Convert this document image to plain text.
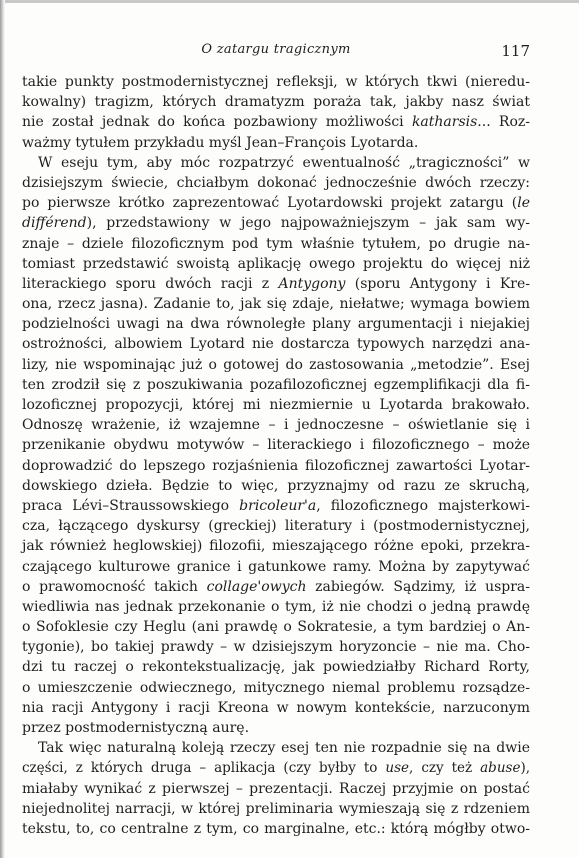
O zatargu tragicznym	117
takie punkty postmodernistycznej refleksji, w których tkwi (nieredu-
kowalny) tragizm, których dramatyzm poraża tak, jakby nasz świat
nie został jednak do końca pozbawiony możliwości katharsis... Roz-
ważmy tytułem przykładu myśl Jean–François Lyotarda.
W eseju tym, aby móc rozpatrzyć ewentualność „tragiczności” w
dzisiejszym świecie, chciałbym dokonać jednocześnie dwóch rzeczy:
po pierwsze krótko zaprezentować Lyotardowski projekt zatargu (le
différend), przedstawiony w jego najpoważniejszym – jak sam wy-
znaje – dziele filozoficznym pod tym właśnie tytułem, po drugie na-
tomiast przedstawić swoistą aplikację owego projektu do więcej niż
literackiego sporu dwóch racji z Antygony (sporu Antygony i Kre-
ona, rzecz jasna). Zadanie to, jak się zdaje, niełatwe; wymaga bowiem
podzielności uwagi na dwa równoległe plany argumentacji i niejakiej
ostrożności, albowiem Lyotard nie dostarcza typowych narzędzi ana-
lizy, nie wspominając już o gotowej do zastosowania „metodzie”. Esej
ten zrodził się z poszukiwania pozafilozoficznej egzemplifikacji dla fi-
lozoficznej propozycji, której mi niezmiernie u Lyotarda brakowało.
Odnoszę wrażenie, iż wzajemne – i jednoczesne – oświetlanie się i
przenikanie obydwu motywów – literackiego i filozoficznego – może
doprowadzić do lepszego rozjaśnienia filozoficznej zawartości Lyotar-
dowskiego dzieła. Będzie to więc, przyznajmy od razu ze skruchą,
praca Lévi–Straussowskiego bricoleur'a, filozoficznego majsterkowi-
cza, łączącego dyskursy (greckiej) literatury i (postmodernistycznej,
jak również heglowskiej) filozofii, mieszającego różne epoki, przekra-
czającego kulturowe granice i gatunkowe ramy. Można by zapytywać
o prawomocność takich collage'owych zabiegów. Sądzimy, iż uspra-
wiedliwia nas jednak przekonanie o tym, iż nie chodzi o jedną prawdę
o Sofoklesie czy Heglu (ani prawdę o Sokratesie, a tym bardziej o An-
tygonie), bo takiej prawdy – w dzisiejszym horyzoncie – nie ma. Cho-
dzi tu raczej o rekontekstualizację, jak powiedziałby Richard Rorty,
o umieszczenie odwiecznego, mitycznego niemal problemu rozsądze-
nia racji Antygony i racji Kreona w nowym kontekście, narzuconym
przez postmodernistyczną aurę.
Tak więc naturalną koleją rzeczy esej ten nie rozpadnie się na dwie
części, z których druga – aplikacja (czy byłby to use, czy też abuse),
miałaby wynikać z pierwszej – prezentacji. Raczej przyjmie on postać
niejednolitej narracji, w której preliminaria wymieszają się z rdzeniem
tekstu, to, co centralne z tym, co marginalne, etc.: którą mógłby otwo-
